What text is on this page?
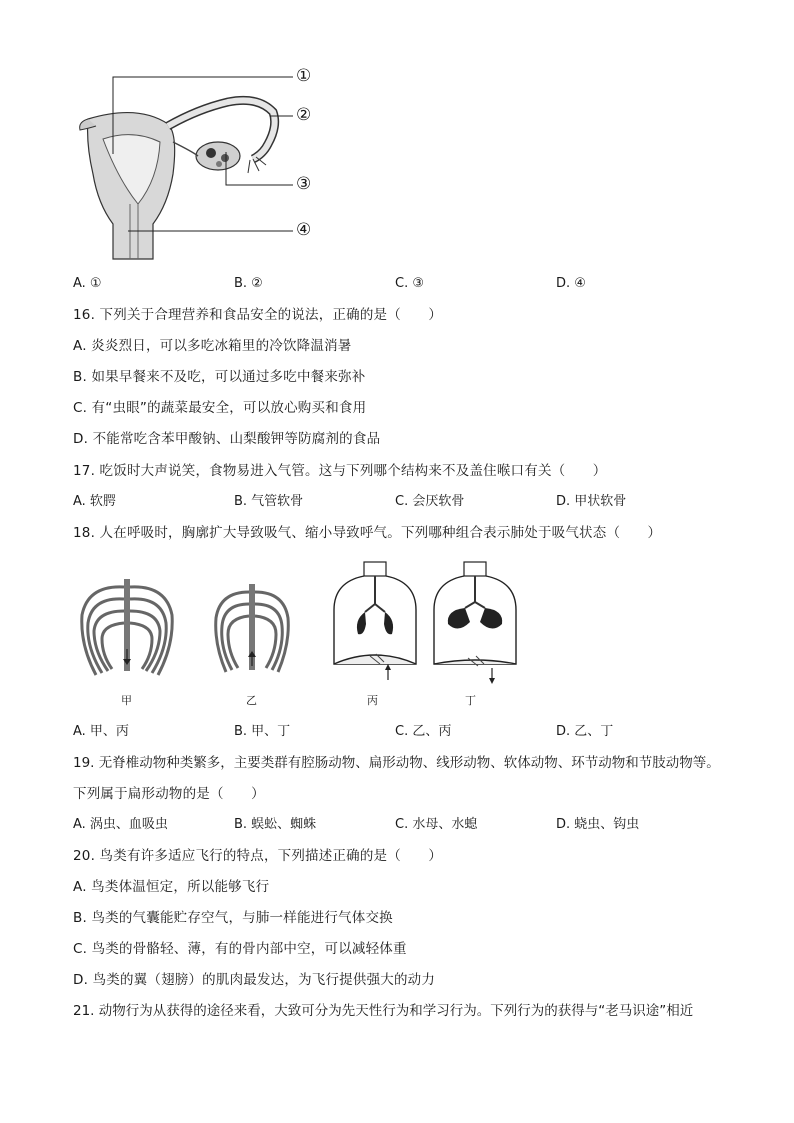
①
②
③
④
A. ①	B. ②	C. ③	D. ④
16. 下列关于合理营养和食品安全的说法，正确的是（　　）
A. 炎炎烈日，可以多吃冰箱里的冷饮降温消暑
B. 如果早餐来不及吃，可以通过多吃中餐来弥补
C. 有“虫眼”的蔬菜最安全，可以放心购买和食用
D. 不能常吃含苯甲酸钠、山梨酸钾等防腐剂的食品
17. 吃饭时大声说笑，食物易进入气管。这与下列哪个结构来不及盖住喉口有关（　　）
A. 软腭	B. 气管软骨	C. 会厌软骨	D. 甲状软骨
18. 人在呼吸时，胸廓扩大导致吸气、缩小导致呼气。下列哪种组合表示肺处于吸气状态（　　）
甲	乙	丙	丁
A. 甲、丙	B. 甲、丁	C. 乙、丙	D. 乙、丁
19. 无脊椎动物种类繁多，主要类群有腔肠动物、扁形动物、线形动物、软体动物、环节动物和节肢动物等。
下列属于扁形动物的是（　　）
A. 涡虫、血吸虫	B. 蜈蚣、蜘蛛	C. 水母、水螅	D. 蛲虫、钩虫
20. 鸟类有许多适应飞行的特点，下列描述正确的是（　　）
A. 鸟类体温恒定，所以能够飞行
B. 鸟类的气囊能贮存空气，与肺一样能进行气体交换
C. 鸟类的骨骼轻、薄，有的骨内部中空，可以减轻体重
D. 鸟类的翼（翅膀）的肌肉最发达，为飞行提供强大的动力
21. 动物行为从获得的途径来看，大致可分为先天性行为和学习行为。下列行为的获得与“老马识途”相近
